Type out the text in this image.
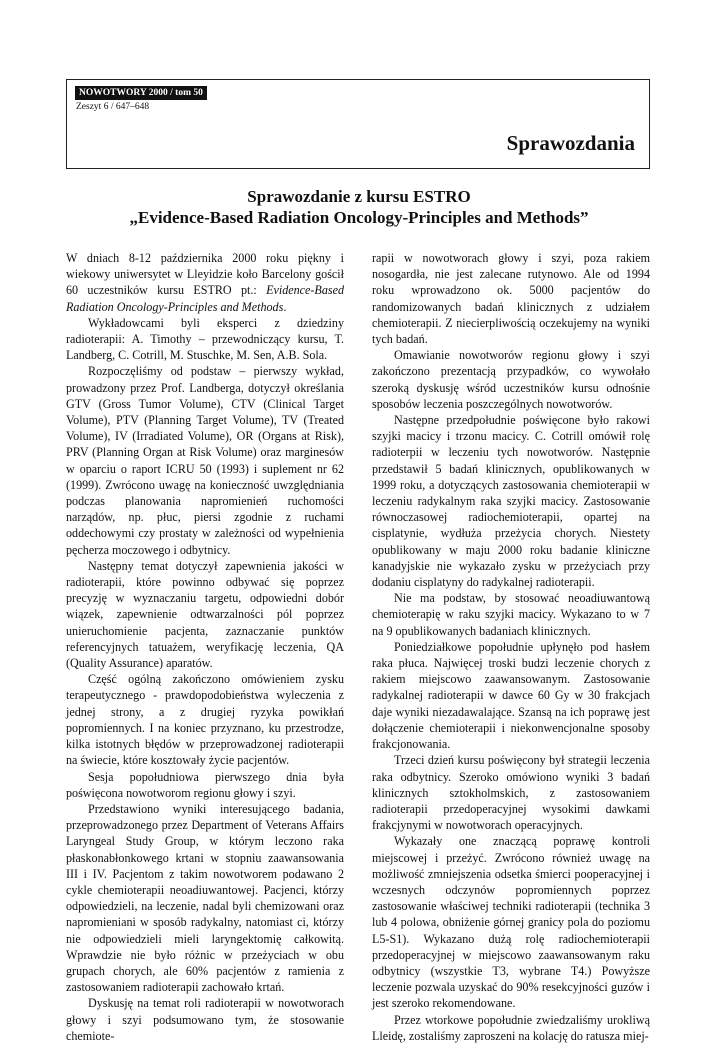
NOWOTWORY 2000 / tom 50
Zeszyt 6 / 647–648
Sprawozdania
Sprawozdanie z kursu ESTRO
„Evidence-Based Radiation Oncology-Principles and Methods”

W dniach 8-12 października 2000 roku piękny i wiekowy uniwersytet w Lleyidzie koło Barcelony gościł 60 uczestników kursu ESTRO pt.: Evidence-Based Radiation Oncology-Principles and Methods.

Wykładowcami byli eksperci z dziedziny radioterapii: A. Timothy – przewodniczący kursu, T. Landberg, C. Cotrill, M. Stuschke, M. Sen, A.B. Sola.

Rozpoczęliśmy od podstaw – pierwszy wykład, prowadzony przez Prof. Landberga, dotyczył określania GTV (Gross Tumor Volume), CTV (Clinical Target Volume), PTV (Planning Target Volume), TV (Treated Volume), IV (Irradiated Volume), OR (Organs at Risk), PRV (Planning Organ at Risk Volume) oraz marginesów w oparciu o raport ICRU 50 (1993) i suplement nr 62 (1999). Zwrócono uwagę na konieczność uwzględniania podczas planowania napromienień ruchomości narządów, np. płuc, piersi zgodnie z ruchami oddechowymi czy prostaty w zależności od wypełnienia pęcherza moczowego i odbytnicy.

Następny temat dotyczył zapewnienia jakości w radioterapii, które powinno odbywać się poprzez precyzję w wyznaczaniu targetu, odpowiedni dobór wiązek, zapewnienie odtwarzalności pól poprzez unieruchomienie pacjenta, zaznaczanie punktów referencyjnych tatuażem, weryfikację leczenia, QA (Quality Assurance) aparatów.

Część ogólną zakończono omówieniem zysku terapeutycznego - prawdopodobieństwa wyleczenia z jednej strony, a z drugiej ryzyka powikłań popromiennych. I na koniec przyznano, ku przestrodze, kilka istotnych błędów w przeprowadzonej radioterapii na świecie, które kosztowały życie pacjentów.

Sesja popołudniowa pierwszego dnia była poświęcona nowotworom regionu głowy i szyi.

Przedstawiono wyniki interesującego badania, przeprowadzonego przez Department of Veterans Affairs Laryngeal Study Group, w którym leczono raka płaskonabłonkowego krtani w stopniu zaawansowania III i IV. Pacjentom z takim nowotworem podawano 2 cykle chemioterapii neoadiuwantowej. Pacjenci, którzy odpowiedzieli, na leczenie, nadal byli chemizowani oraz napromieniani w sposób radykalny, natomiast ci, którzy nie odpowiedzieli mieli laryngektomię całkowitą. Wprawdzie nie było różnic w przeżyciach w obu grupach chorych, ale 60% pacjentów z ramienia z zastosowaniem radioterapii zachowało krtań.

Dyskusję na temat roli radioterapii w nowotworach głowy i szyi podsumowano tym, że stosowanie chemiote-

rapii w nowotworach głowy i szyi, poza rakiem nosogardła, nie jest zalecane rutynowo. Ale od 1994 roku wprowadzono ok. 5000 pacjentów do randomizowanych badań klinicznych z udziałem chemioterapii. Z niecierpliwością oczekujemy na wyniki tych badań.

Omawianie nowotworów regionu głowy i szyi zakończono prezentacją przypadków, co wywołało szeroką dyskusję wśród uczestników kursu odnośnie sposobów leczenia poszczególnych nowotworów.

Następne przedpołudnie poświęcone było rakowi szyjki macicy i trzonu macicy. C. Cotrill omówił rolę radioterpii w leczeniu tych nowotworów. Następnie przedstawił 5 badań klinicznych, opublikowanych w 1999 roku, a dotyczących zastosowania chemioterapii w leczeniu radykalnym raka szyjki macicy. Zastosowanie równoczasowej radiochemioterapii, opartej na cisplatynie, wydłuża przeżycia chorych. Niestety opublikowany w maju 2000 roku badanie kliniczne kanadyjskie nie wykazało zysku w przeżyciach przy dodaniu cisplatyny do radykalnej radioterapii.

Nie ma podstaw, by stosować neoadiuwantową chemioterapię w raku szyjki macicy. Wykazano to w 7 na 9 opublikowanych badaniach klinicznych.

Poniedziałkowe popołudnie upłynęło pod hasłem raka płuca. Najwięcej troski budzi leczenie chorych z rakiem miejscowo zaawansowanym. Zastosowanie radykalnej radioterapii w dawce 60 Gy w 30 frakcjach daje wyniki niezadawalające. Szansą na ich poprawę jest dołączenie chemioterapii i niekonwencjonalne sposoby frakcjonowania.

Trzeci dzień kursu poświęcony był strategii leczenia raka odbytnicy. Szeroko omówiono wyniki 3 badań klinicznych sztokholmskich, z zastosowaniem radioterapii przedoperacyjnej wysokimi dawkami frakcjynymi w nowotworach operacyjnych.

Wykazały one znaczącą poprawę kontroli miejscowej i przeżyć. Zwrócono również uwagę na możliwość zmniejszenia odsetka śmierci pooperacyjnej i wczesnych odczynów popromiennych poprzez zastosowanie właściwej techniki radioterapii (technika 3 lub 4 polowa, obniżenie górnej granicy pola do poziomu L5-S1). Wykazano dużą rolę radiochemioterapii przedoperacyjnej w miejscowo zaawansowanym raku odbytnicy (wszystkie T3, wybrane T4.) Powyższe leczenie pozwala uzyskać do 90% resekcyjności guzów i jest szeroko rekomendowane.

Przez wtorkowe popołudnie zwiedzaliśmy urokliwą Lleidę, zostaliśmy zaproszeni na kolację do ratusza miej-
